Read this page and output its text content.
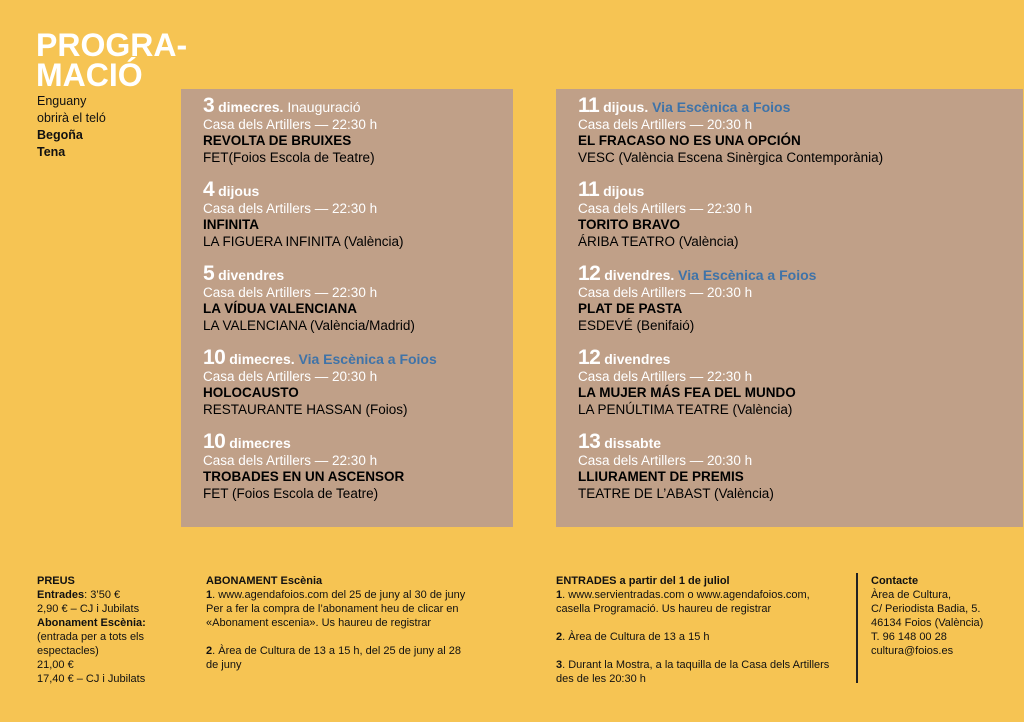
PROGRA-
MACIÓ
Enguany
obrirà el teló
Begoña
Tena
3 dimecres. Inauguració
Casa dels Artillers — 22:30 h
REVOLTA DE BRUIXES
FET(Foios Escola de Teatre)
4 dijous
Casa dels Artillers — 22:30 h
INFINITA
LA FIGUERA INFINITA (València)
5 divendres
Casa dels Artillers — 22:30 h
LA VÍDUA VALENCIANA
LA VALENCIANA (València/Madrid)
10 dimecres. Via Escènica a Foios
Casa dels Artillers — 20:30 h
HOLOCAUSTO
RESTAURANTE HASSAN (Foios)
10 dimecres
Casa dels Artillers — 22:30 h
TROBADES EN UN ASCENSOR
FET (Foios Escola de Teatre)
11 dijous. Via Escènica a Foios
Casa dels Artillers — 20:30 h
EL FRACASO NO ES UNA OPCIÓN
VESC (València Escena Sinèrgica Contemporània)
11 dijous
Casa dels Artillers — 22:30 h
TORITO BRAVO
ÁRIBA TEATRO (València)
12 divendres. Via Escènica a Foios
Casa dels Artillers — 20:30 h
PLAT DE PASTA
ESDEVÉ (Benifaió)
12 divendres
Casa dels Artillers — 22:30 h
LA MUJER MÁS FEA DEL MUNDO
LA PENÚLTIMA TEATRE (València)
13 dissabte
Casa dels Artillers — 20:30 h
LLIURAMENT DE PREMIS
TEATRE DE L’ABAST (València)

PREUS

Entrades: 3’50 €

2,90 € – CJ i Jubilats

Abonament Escènia:

(entrada per a tots els espectacles)

21,00 €

17,40 € – CJ i Jubilats

ABONAMENT Escènia

1. www.agendafoios.com del 25 de juny al 30 de juny Per a fer la compra de l’abonament heu de clicar en «Abonament escenia». Us haureu de registrar

2. Àrea de Cultura de 13 a 15 h, del 25 de juny al 28 de juny

ENTRADES a partir del 1 de juliol

1. www.servientradas.com o www.agendafoios.com, casella Programació. Us haureu de registrar

2. Àrea de Cultura de 13 a 15 h

3. Durant la Mostra, a la taquilla de la Casa dels Artillers des de les 20:30 h

Contacte

Àrea de Cultura,

C/ Periodista Badia, 5.

46134 Foios (València)

T. 96 148 00 28

cultura@foios.es
